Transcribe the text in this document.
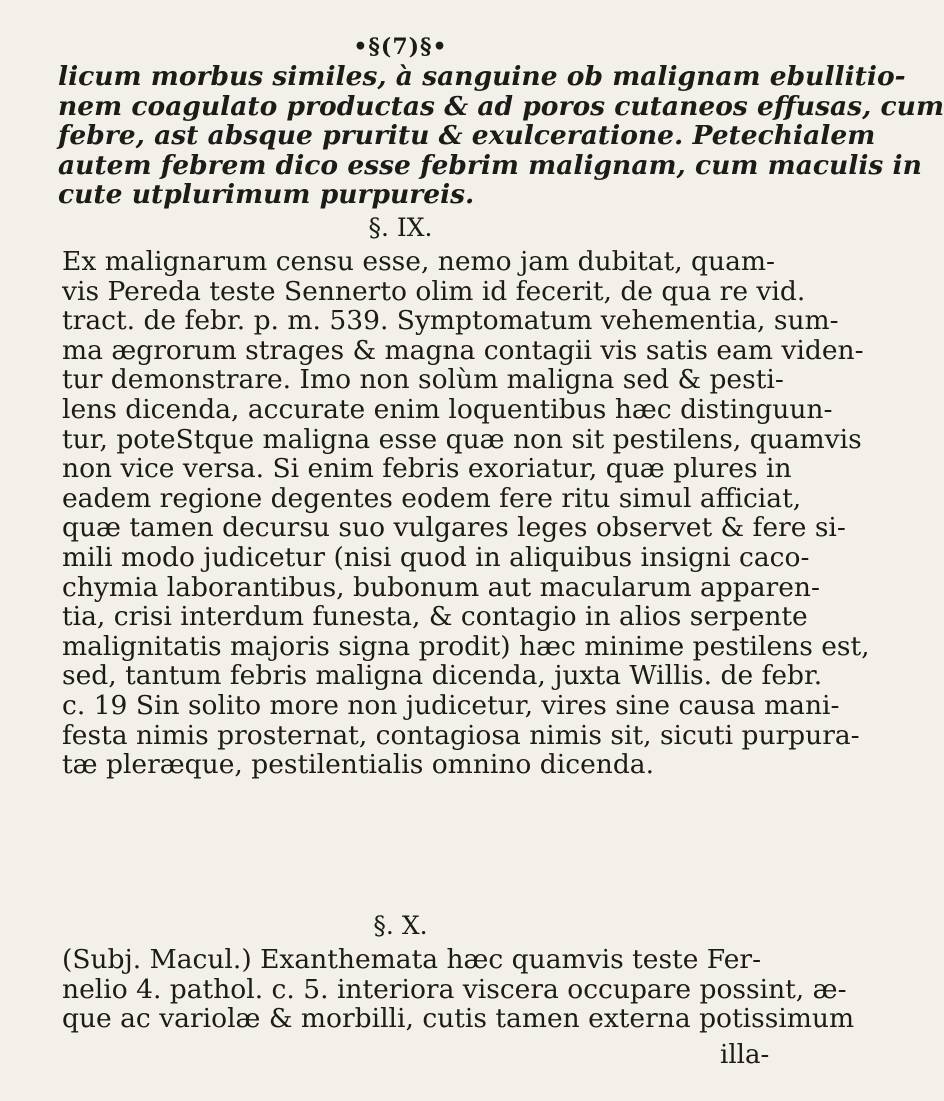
•§(7)§•
licum morbus similes, à sanguine ob malignam ebullitio-
nem coagulato productas & ad poros cutaneos effusas, cum
febre, ast absque pruritu & exulceratione. Petechialem
autem febrem dico esse febrim malignam, cum maculis in
cute utplurimum purpureis.
§. IX.
Ex malignarum censu esse, nemo jam dubitat, quam-
vis Pereda teste Sennerto olim id fecerit, de qua re vid.
tract. de febr. p. m. 539. Symptomatum vehementia, sum-
ma ægrorum strages & magna contagii vis satis eam viden-
tur demonstrare. Imo non solùm maligna sed & pesti-
lens dicenda, accurate enim loquentibus hæc distinguun-
tur, poteStque maligna esse quæ non sit pestilens, quamvis
non vice versa. Si enim febris exoriatur, quæ plures in
eadem regione degentes eodem fere ritu simul afficiat,
quæ tamen decursu suo vulgares leges observet & fere si-
mili modo judicetur (nisi quod in aliquibus insigni caco-
chymia laborantibus, bubonum aut macularum apparen-
tia, crisi interdum funesta, & contagio in alios serpente
malignitatis majoris signa prodit) hæc minime pestilens est,
sed, tantum febris maligna dicenda, juxta Willis. de febr.
c. 19 Sin solito more non judicetur, vires sine causa mani-
festa nimis prosternat, contagiosa nimis sit, sicuti purpura-
tæ pleræque, pestilentialis omnino dicenda.
§. X.
(Subj. Macul.) Exanthemata hæc quamvis teste Fer-
nelio 4. pathol. c. 5. interiora viscera occupare possint, æ-
que ac variolæ & morbilli, cutis tamen externa potissimum
illa-
